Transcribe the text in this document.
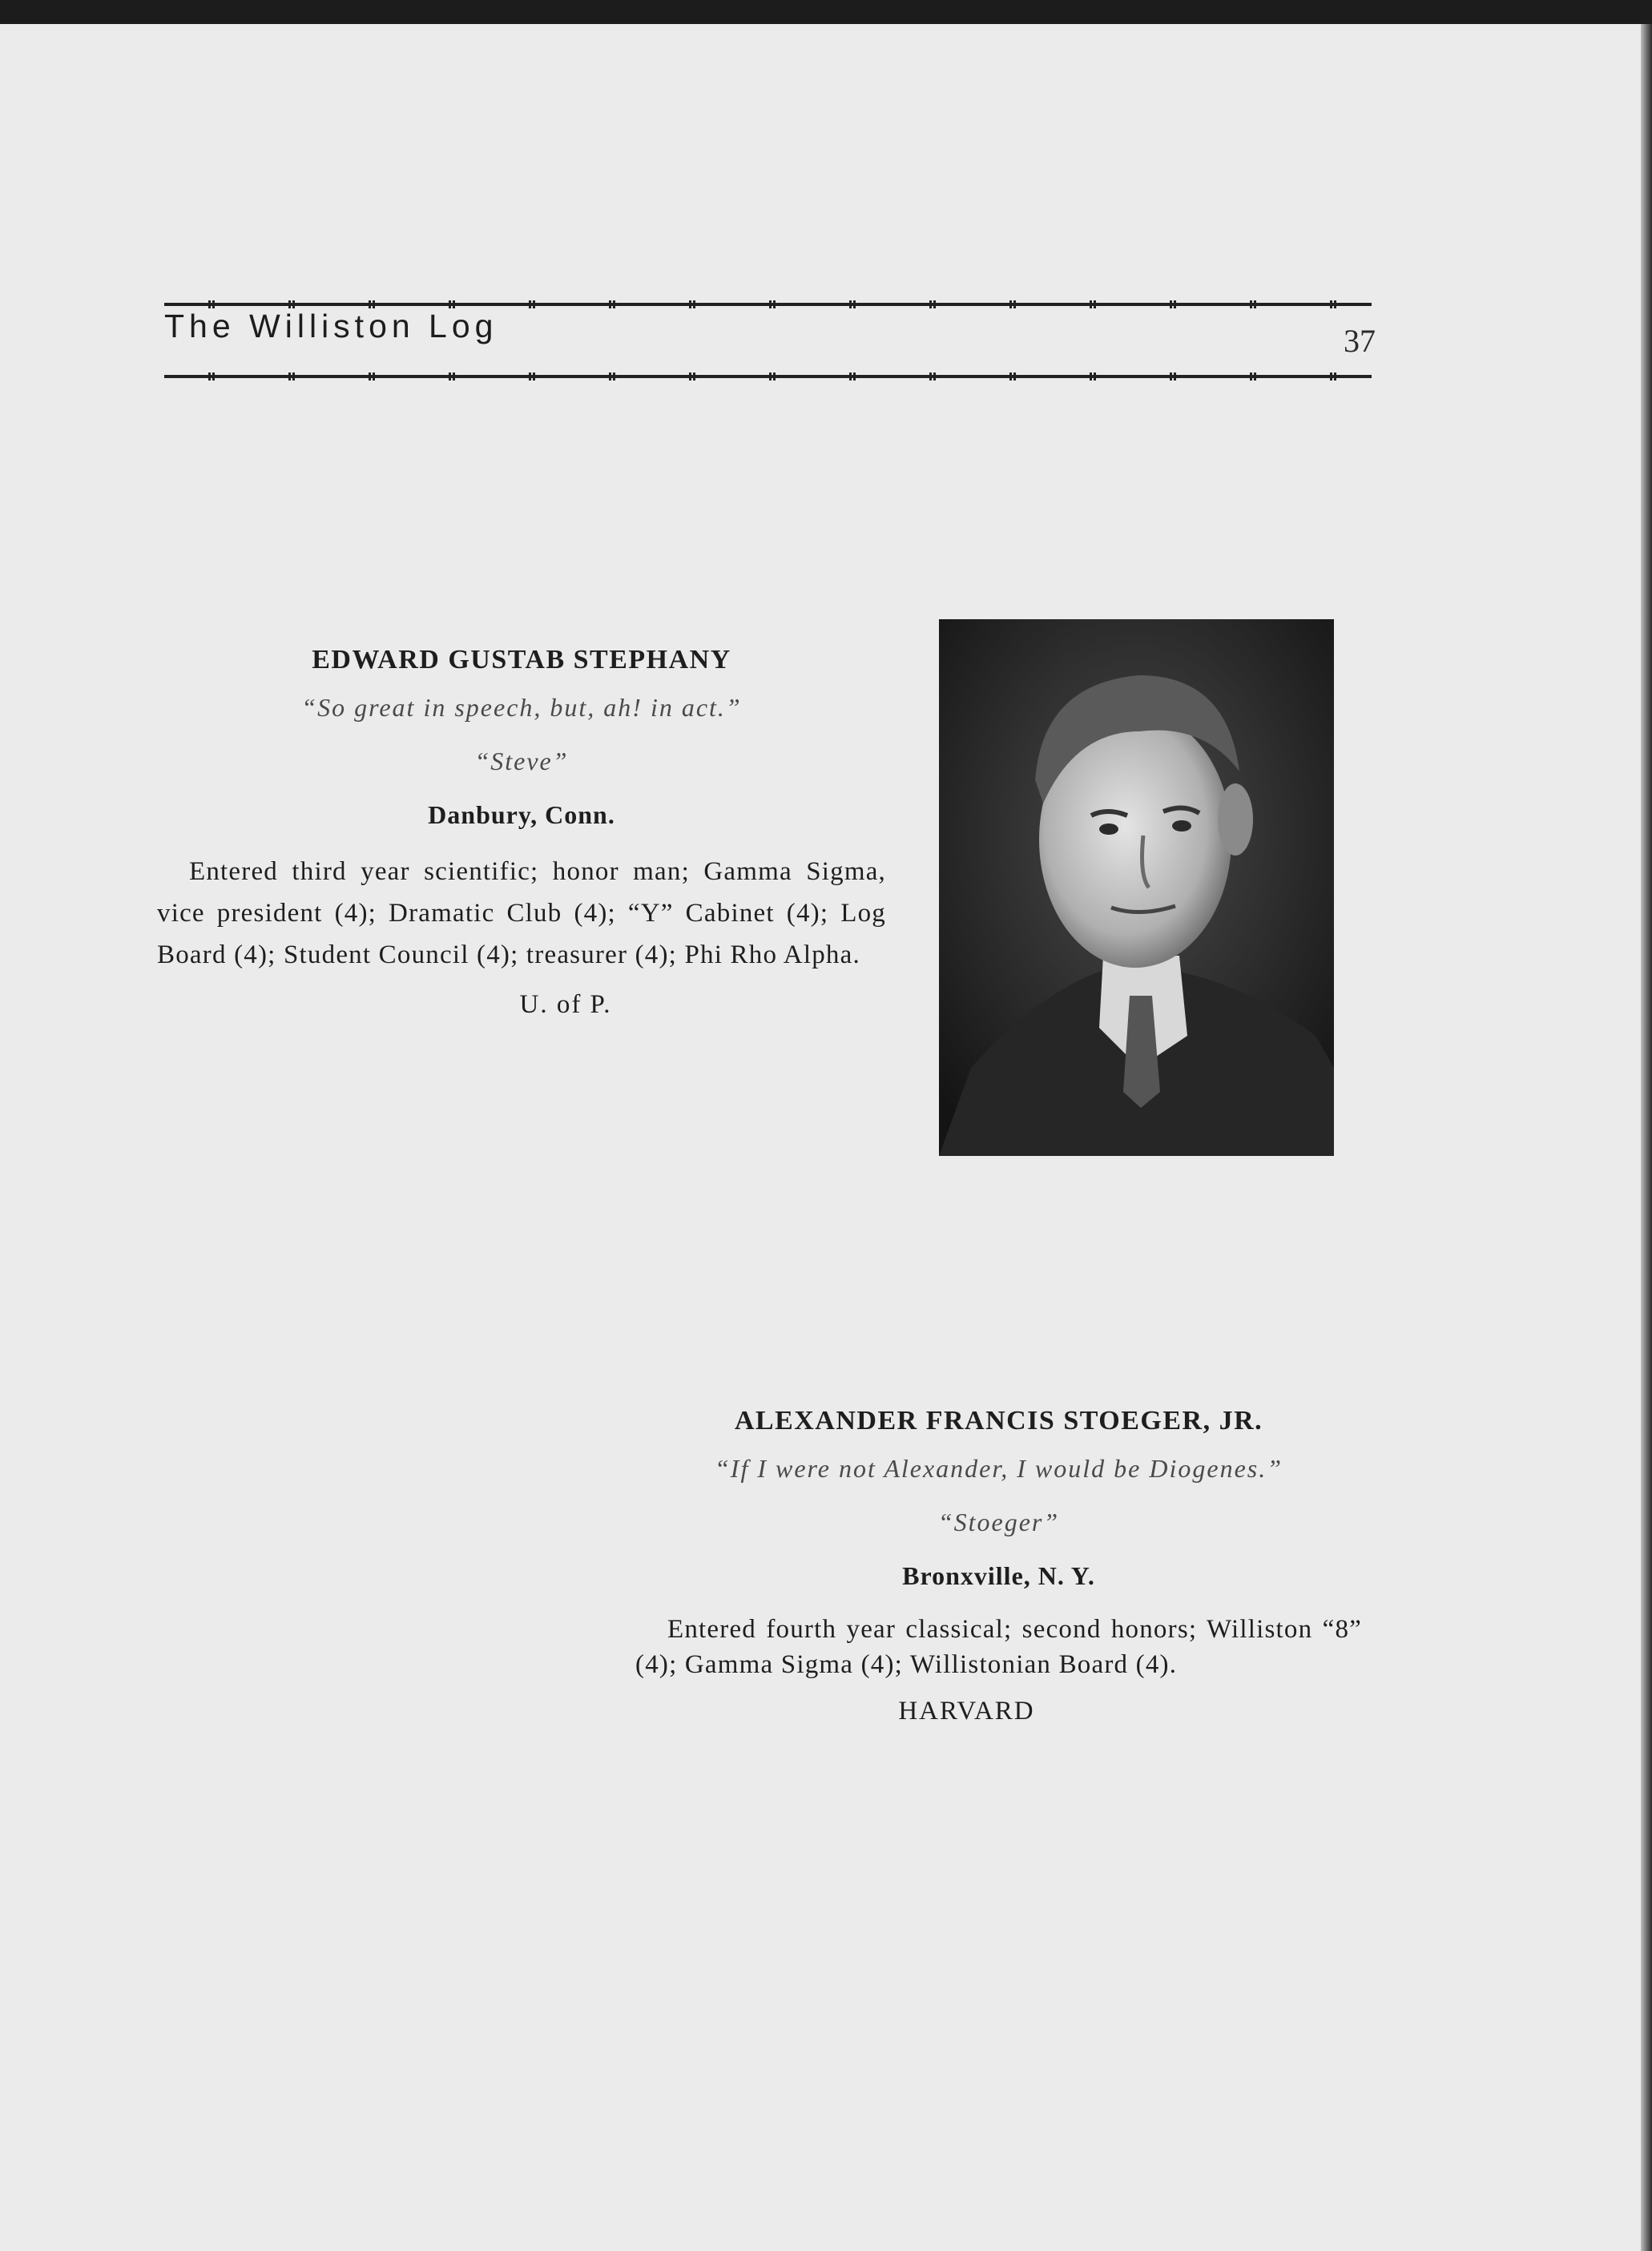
The Williston Log	37
EDWARD GUSTAB STEPHANY
“So great in speech, but, ah! in act.”
“Steve”
Danbury, Conn.
Entered third year scientific; honor man; Gamma Sigma, vice president (4); Dramatic Club (4); “Y” Cabinet (4); Log Board (4); Student Council (4); treasurer (4); Phi Rho Alpha.
U. of P.
ALEXANDER FRANCIS STOEGER, JR.
“If I were not Alexander, I would be Diogenes.”
“Stoeger”
Bronxville, N. Y.
Entered fourth year classical; second honors; Williston “8” (4); Gamma Sigma (4); Willistonian Board (4).
HARVARD
